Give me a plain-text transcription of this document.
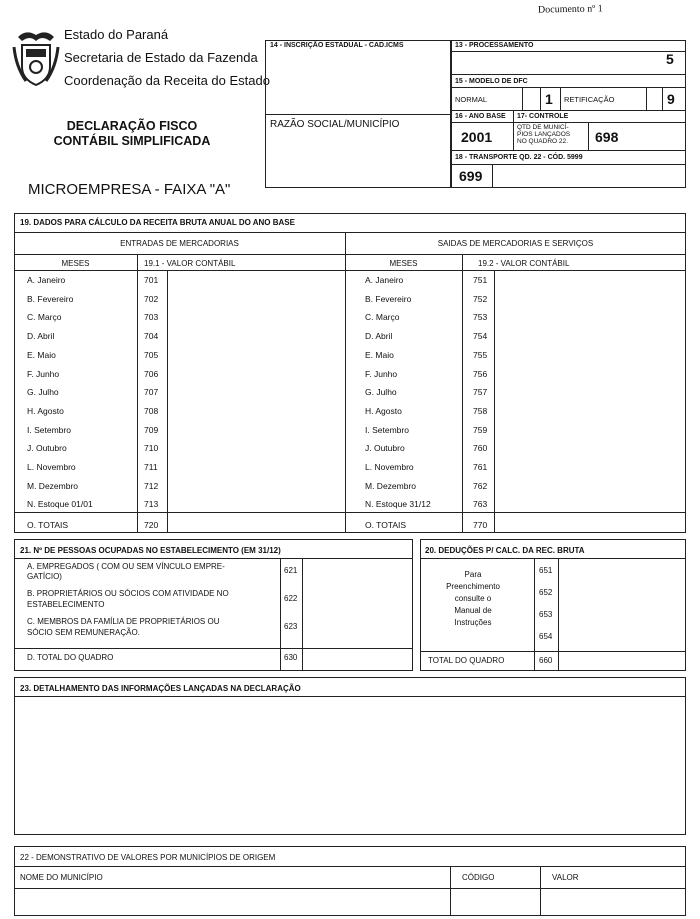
Documento nº 1
Estado do Paraná
Secretaria de Estado da Fazenda
Coordenação da Receita do Estado
DECLARAÇÃO FISCO
CONTÁBIL SIMPLIFICADA
MICROEMPRESA - FAIXA "A"
14 - INSCRIÇÃO ESTADUAL - CAD.ICMS
RAZÃO SOCIAL/MUNICÍPIO
13 - PROCESSAMENTO
5
15 - MODELO DE DFC
NORMAL	1 RETIFICAÇÃO	9
16 - ANO BASE 17- CONTROLE
2001
QTD DE MUNICÍ-
PIOS LANÇADOS
NO QUADRO 22. 698
18 - TRANSPORTE QD. 22 - CÓD. 5999
699
19. DADOS PARA CÁLCULO DA RECEITA BRUTA ANUAL DO ANO BASE
ENTRADAS DE MERCADORIAS	SAIDAS DE MERCADORIAS E SERVIÇOS
MESES	19.1 - VALOR CONTÁBIL	MESES	19.2 - VALOR CONTÁBIL
A. Janeiro	701
B. Fevereiro	702
C. Março	703
D. Abril	704
E. Maio	705
F. Junho	706
G. Julho	707
H. Agosto	708
I. Setembro	709
J. Outubro	710
L. Novembro	711
M. Dezembro	712
N. Estoque 01/01	713
O. TOTAIS	720
A. Janeiro	751
B. Fevereiro	752
C. Março	753
D. Abril	754
E. Maio	755
F. Junho	756
G. Julho	757
H. Agosto	758
I. Setembro	759
J. Outubro	760
L. Novembro	761
M. Dezembro	762
N. Estoque 31/12	763
O. TOTAIS	770
21. Nº DE PESSOAS OCUPADAS NO ESTABELECIMENTO (EM 31/12)
A. EMPREGADOS ( COM OU SEM VÍNCULO EMPRE-
GATÍCIO)
621
B. PROPRIETÁRIOS OU SÓCIOS COM ATIVIDADE NO
ESTABELECIMENTO
622
C. MEMBROS DA FAMÍLIA DE PROPRIETÁRIOS OU
SÓCIO SEM REMUNERAÇÃO.
623
D. TOTAL DO QUADRO	630
20. DEDUÇÕES P/ CALC. DA REC. BRUTA
Para
Preenchimento
consulte o
Manual de
Instruções
651
652
653
654
TOTAL DO QUADRO	660
23. DETALHAMENTO DAS INFORMAÇÕES LANÇADAS NA DECLARAÇÃO
22 - DEMONSTRATIVO DE VALORES POR MUNICÍPIOS DE ORIGEM
NOME DO MUNICÍPIO	CÓDIGO	VALOR
